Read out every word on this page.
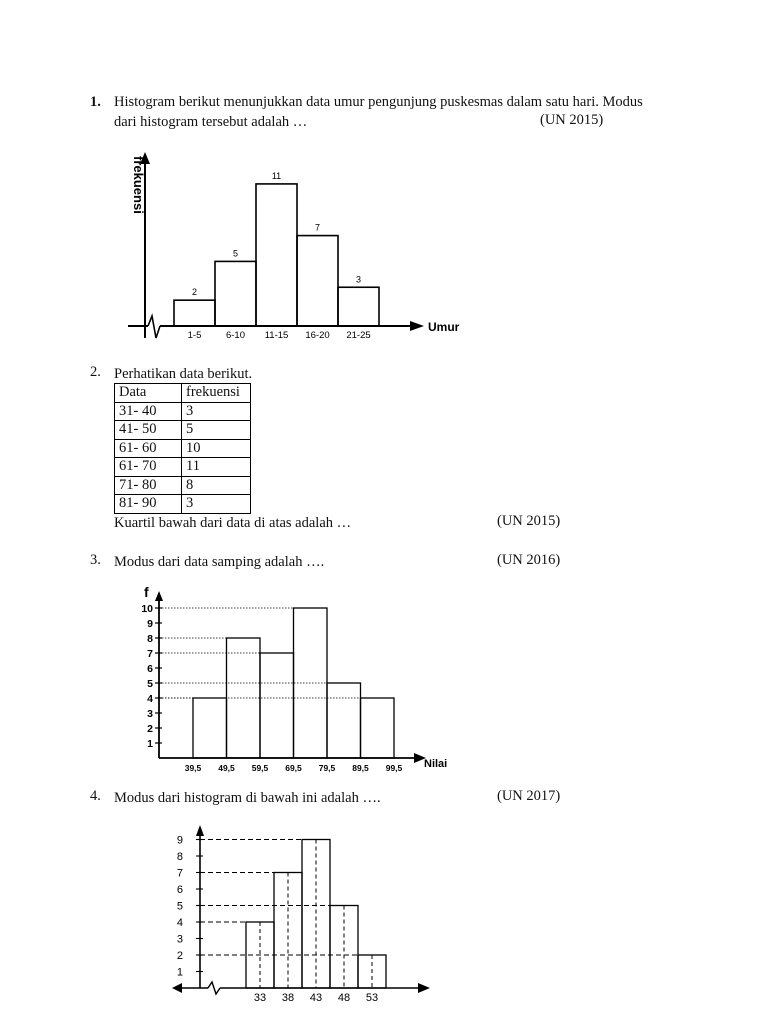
1. Histogram berikut menunjukkan data umur pengunjung puskesmas dalam satu hari. Modus
dari histogram tersebut adalah …	(UN 2015)
2
5
11
7
3
1-5	6-10 11-15 16-20 21-25
frekuensi
Umur
2. Perhatikan data berikut.
Data	frekuensi
31- 40	3
41- 50	5
61- 60	10
61- 70	11
71- 80	8
81- 90	3
Kuartil bawah dari data di atas adalah …	(UN 2015)
3. Modus dari data samping adalah ….	(UN 2016)
1
2
3
4
5
6
7
8
9
10
39,5 49,5 59,5 69,5 79,5 89,5 99,5
f
Nilai
4. Modus dari histogram di bawah ini adalah ….	(UN 2017)
1
2
3
4
5
6
7
8
9
33 38 43 48 53
